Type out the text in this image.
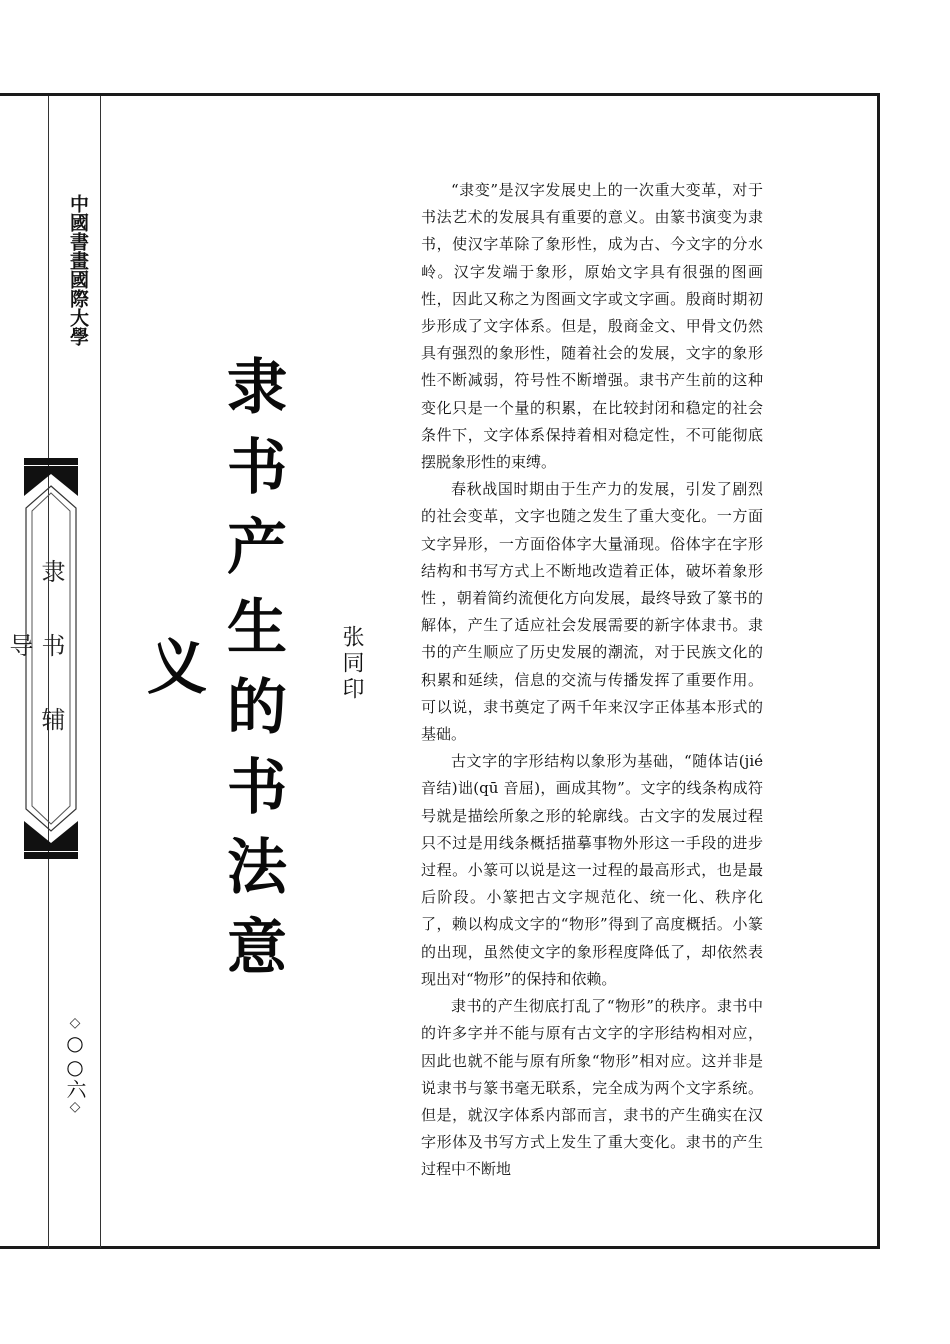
中國書畫國際大學
隶书辅导
◇○○六◇
隶书产生的书法意义	张同印

“隶变”是汉字发展史上的一次重大变革，对于书法艺术的发展具有重要的意义。由篆书演变为隶书，使汉字革除了象形性，成为古、今文字的分水岭。汉字发端于象形，原始文字具有很强的图画性，因此又称之为图画文字或文字画。殷商时期初步形成了文字体系。但是，殷商金文、甲骨文仍然具有强烈的象形性，随着社会的发展，文字的象形性不断减弱，符号性不断增强。隶书产生前的这种变化只是一个量的积累，在比较封闭和稳定的社会条件下，文字体系保持着相对稳定性，不可能彻底摆脱象形性的束缚。

春秋战国时期由于生产力的发展，引发了剧烈的社会变革，文字也随之发生了重大变化。一方面文字异形，一方面俗体字大量涌现。俗体字在字形结构和书写方式上不断地改造着正体，破坏着象形性 ，朝着简约流便化方向发展，最终导致了篆书的解体，产生了适应社会发展需要的新字体隶书。隶书的产生顺应了历史发展的潮流，对于民族文化的积累和延续，信息的交流与传播发挥了重要作用。可以说，隶书奠定了两千年来汉字正体基本形式的基础。

古文字的字形结构以象形为基础，“随体诘(jié 音结)诎(qū 音屈)，画成其物”。文字的线条构成符号就是描绘所象之形的轮廓线。古文字的发展过程只不过是用线条概括描摹事物外形这一手段的进步过程。小篆可以说是这一过程的最高形式，也是最后阶段。小篆把古文字规范化、统一化、秩序化了，赖以构成文字的“物形”得到了高度概括。小篆的出现，虽然使文字的象形程度降低了，却依然表现出对“物形”的保持和依赖。

隶书的产生彻底打乱了“物形”的秩序。隶书中的许多字并不能与原有古文字的字形结构相对应，因此也就不能与原有所象“物形”相对应。这并非是说隶书与篆书毫无联系，完全成为两个文字系统。但是，就汉字体系内部而言，隶书的产生确实在汉字形体及书写方式上发生了重大变化。隶书的产生过程中不断地
